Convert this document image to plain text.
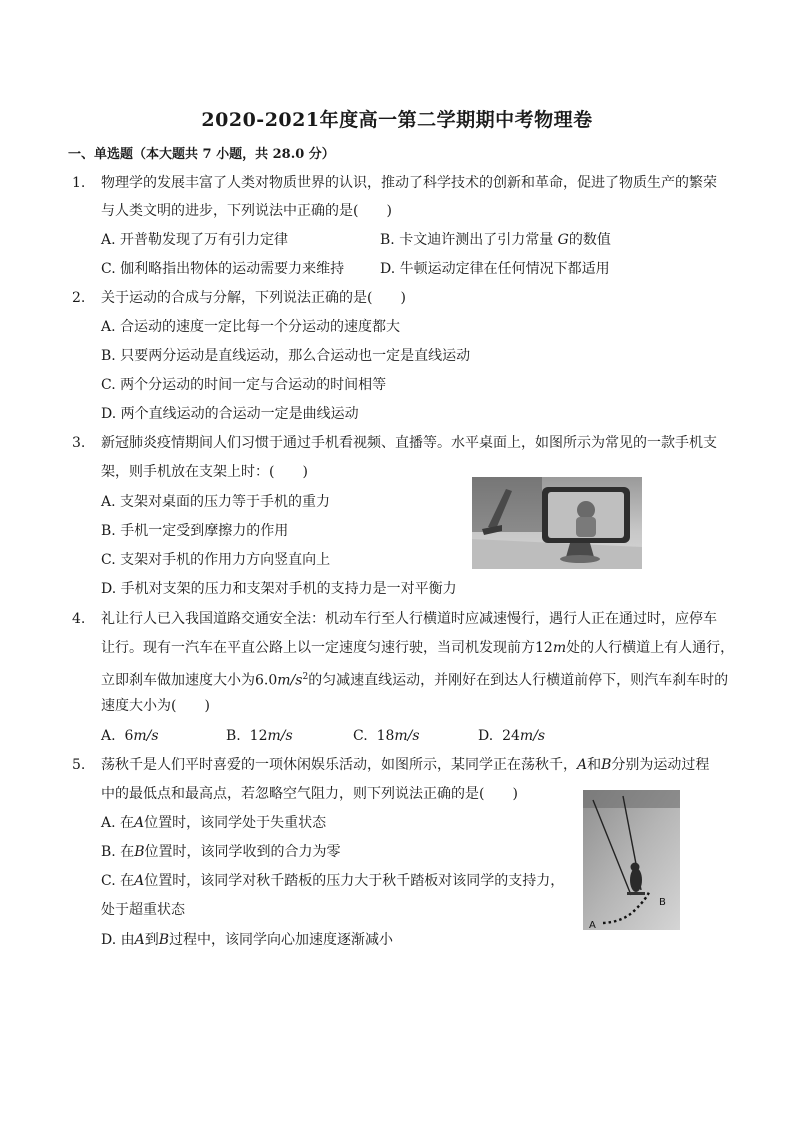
2020-2021年度高一第二学期期中考物理卷
一、单选题（本大题共 7 小题，共 28.0 分）
1. 物理学的发展丰富了人类对物质世界的认识，推动了科学技术的创新和革命，促进了物质生产的繁荣
与人类文明的进步，下列说法中正确的是(　　)
A. 开普勒发现了万有引力定律	B. 卡文迪许测出了引力常量 G的数值
C. 伽利略指出物体的运动需要力来维持	D. 牛顿运动定律在任何情况下都适用
2. 关于运动的合成与分解，下列说法正确的是(　　)
A. 合运动的速度一定比每一个分运动的速度都大
B. 只要两分运动是直线运动，那么合运动也一定是直线运动
C. 两个分运动的时间一定与合运动的时间相等
D. 两个直线运动的合运动一定是曲线运动
3. 新冠肺炎疫情期间人们习惯于通过手机看视频、直播等。水平桌面上，如图所示为常见的一款手机支
架，则手机放在支架上时：(　　)
A. 支架对桌面的压力等于手机的重力
B. 手机一定受到摩擦力的作用
C. 支架对手机的作用力方向竖直向上
D. 手机对支架的压力和支架对手机的支持力是一对平衡力
4. 礼让行人已入我国道路交通安全法：机动车行至人行横道时应减速慢行，遇行人正在通过时，应停车
让行。现有一汽车在平直公路上以一定速度匀速行驶，当司机发现前方12m处的人行横道上有人通行，
立即刹车做加速度大小为$6.0m/s^2$的匀减速直线运动，并刚好在到达人行横道前停下，则汽车刹车时的
速度大小为(　　)
A. 6m/s	B. 12m/s	C. 18m/s	D. 24m/s
5. 荡秋千是人们平时喜爱的一项休闲娱乐活动，如图所示，某同学正在荡秋千，A和B分别为运动过程
中的最低点和最高点，若忽略空气阻力，则下列说法正确的是(　　)
A. 在A位置时，该同学处于失重状态
B. 在B位置时，该同学收到的合力为零
C. 在A位置时，该同学对秋千踏板的压力大于秋千踏板对该同学的支持力，
处于超重状态
D. 由A到B过程中，该同学向心加速度逐渐减小
A
B
